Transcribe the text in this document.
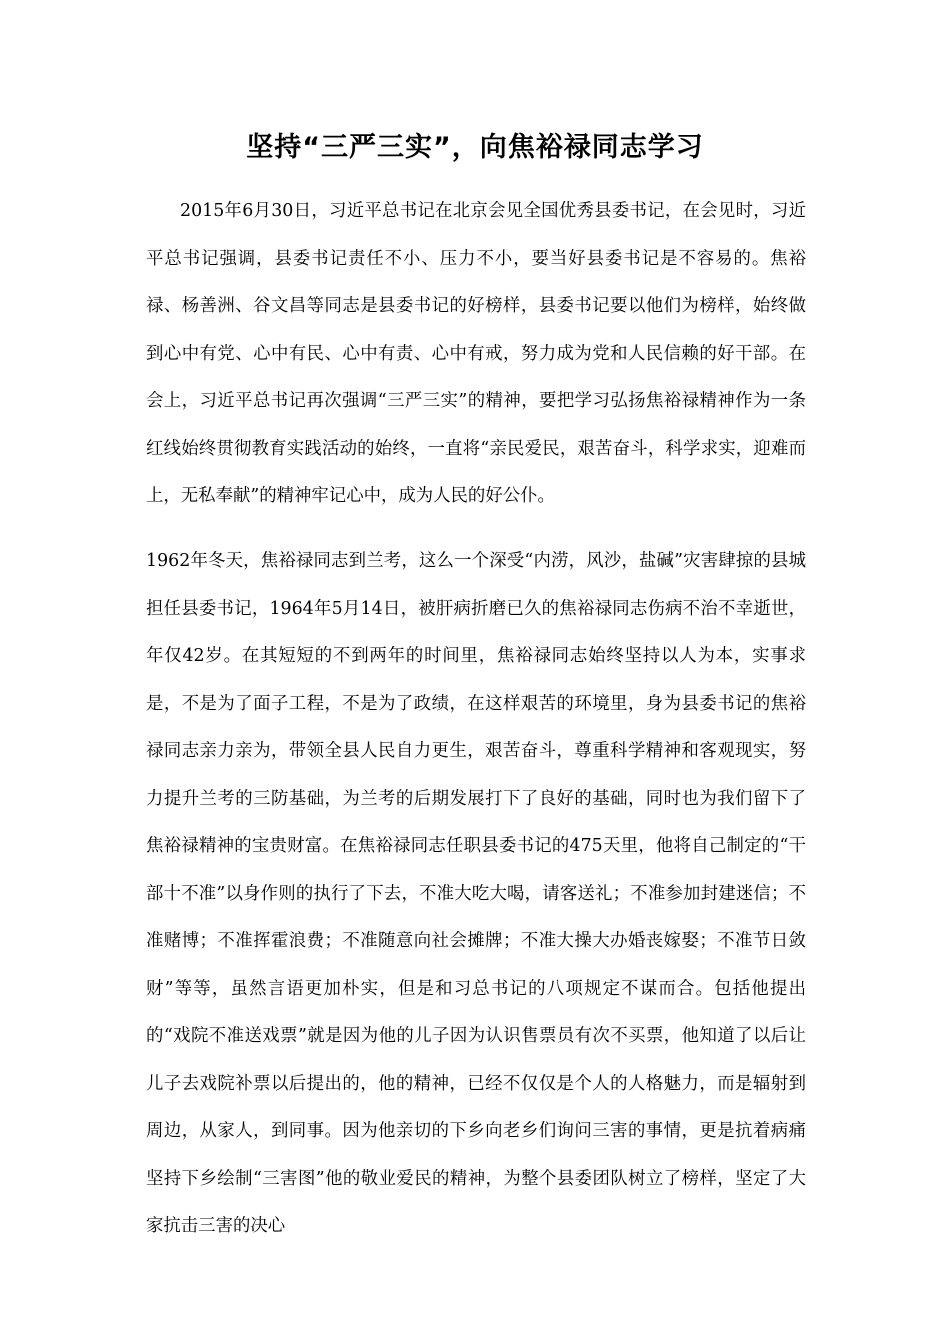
坚持“三严三实”，向焦裕禄同志学习

2015年6月30日，习近平总书记在北京会见全国优秀县委书记，在会见时，习近平总书记强调，县委书记责任不小、压力不小，要当好县委书记是不容易的。焦裕禄、杨善洲、谷文昌等同志是县委书记的好榜样，县委书记要以他们为榜样，始终做到心中有党、心中有民、心中有责、心中有戒，努力成为党和人民信赖的好干部。在会上，习近平总书记再次强调“三严三实”的精神，要把学习弘扬焦裕禄精神作为一条红线始终贯彻教育实践活动的始终，一直将“亲民爱民，艰苦奋斗，科学求实，迎难而上，无私奉献”的精神牢记心中，成为人民的好公仆。

1962年冬天，焦裕禄同志到兰考，这么一个深受“内涝，风沙，盐碱”灾害肆掠的县城担任县委书记，1964年5月14日，被肝病折磨已久的焦裕禄同志伤病不治不幸逝世，年仅42岁。在其短短的不到两年的时间里，焦裕禄同志始终坚持以人为本，实事求是，不是为了面子工程，不是为了政绩，在这样艰苦的环境里，身为县委书记的焦裕禄同志亲力亲为，带领全县人民自力更生，艰苦奋斗，尊重科学精神和客观现实，努力提升兰考的三防基础，为兰考的后期发展打下了良好的基础，同时也为我们留下了焦裕禄精神的宝贵财富。在焦裕禄同志任职县委书记的475天里，他将自己制定的“干部十不准”以身作则的执行了下去，不准大吃大喝，请客送礼；不准参加封建迷信；不准赌博；不准挥霍浪费；不准随意向社会摊牌；不准大操大办婚丧嫁娶；不准节日敛财”等等，虽然言语更加朴实，但是和习总书记的八项规定不谋而合。包括他提出的“戏院不准送戏票”就是因为他的儿子因为认识售票员有次不买票，他知道了以后让儿子去戏院补票以后提出的，他的精神，已经不仅仅是个人的人格魅力，而是辐射到周边，从家人，到同事。因为他亲切的下乡向老乡们询问三害的事情，更是抗着病痛坚持下乡绘制“三害图”他的敬业爱民的精神，为整个县委团队树立了榜样，坚定了大家抗击三害的决心
